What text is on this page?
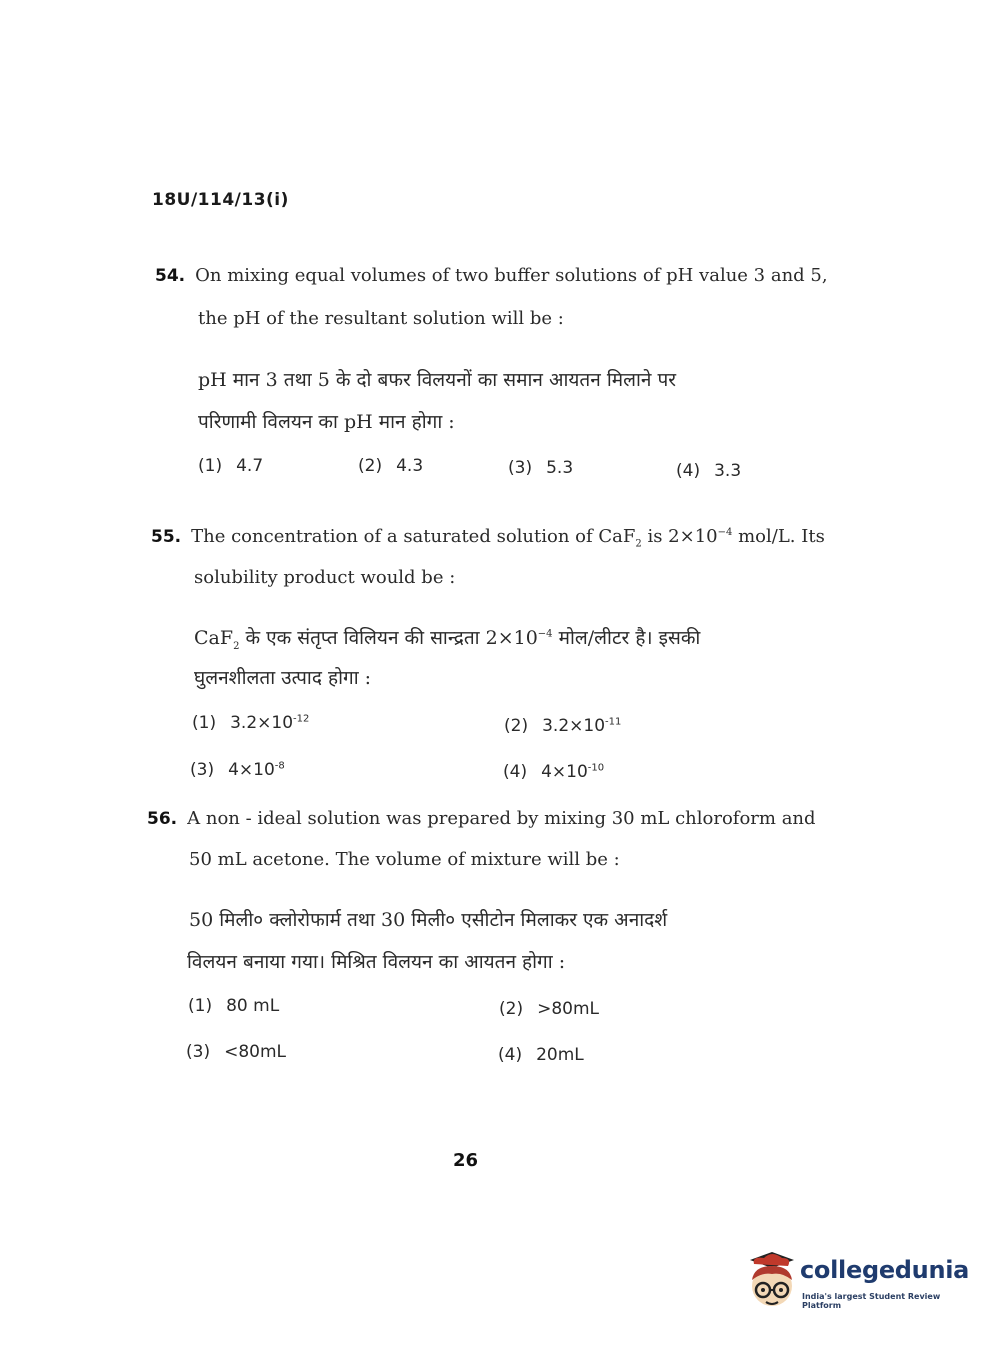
18U/114/13(i)
54. On mixing equal volumes of two buffer solutions of pH value 3 and 5,
the pH of the resultant solution will be :
pH मान 3 तथा 5 के दो बफर विलयनों का समान आयतन मिलाने पर
परिणामी विलयन का pH मान होगा :
(1) 4.7	(2) 4.3	(3) 5.3	(4) 3.3
55. The concentration of a saturated solution of CaF$_2$ is $2\times 10^{-4}$ mol/L. Its
solubility product would be :
CaF$_2$ के एक संतृप्त विलियन की सान्द्रता $2\times 10^{-4}$ मोल/लीटर है। इसकी
घुलनशीलता उत्पाद होगा :
(1) $3.2\times 10^{-12}$	(2) $3.2\times 10^{-11}$
(3) $4\times 10^{-8}$	(4) $4\times 10^{-10}$
56. A non - ideal solution was prepared by mixing 30 mL chloroform and
50 mL acetone. The volume of mixture will be :
50 मिली० क्लोरोफार्म तथा 30 मिली० एसीटोन मिलाकर एक अनादर्श
विलयन बनाया गया। मिश्रित विलयन का आयतन होगा :
(1) 80 mL	(2) >80mL
(3) <80mL	(4) 20mL
26
collegedunia
India's largest Student Review Platform
